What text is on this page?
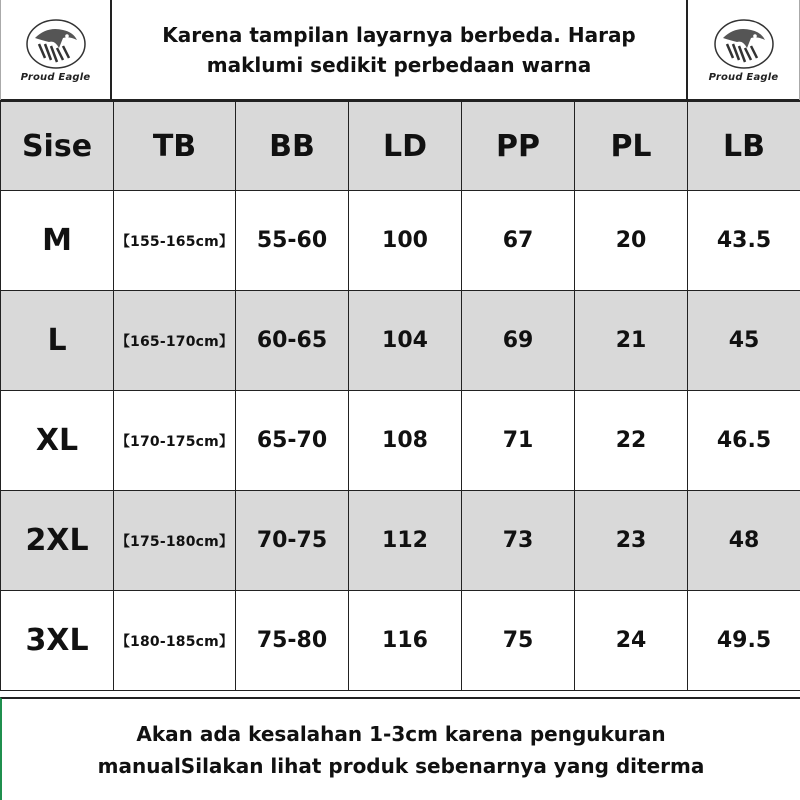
Proud Eagle
Karena tampilan layarnya berbeda. Harap
maklumi sedikit perbedaan warna	Proud Eagle
Sise	TB	BB	LD	PP	PL	LB
M	【155-165cm】	55-60	100	67	20	43.5
L	【165-170cm】	60-65	104	69	21	45
XL	【170-175cm】	65-70	108	71	22	46.5
2XL	【175-180cm】	70-75	112	73	23	48
3XL	【180-185cm】	75-80	116	75	24	49.5
Akan ada kesalahan 1-3cm karena pengukuran
manualSilakan lihat produk sebenarnya yang diterma
